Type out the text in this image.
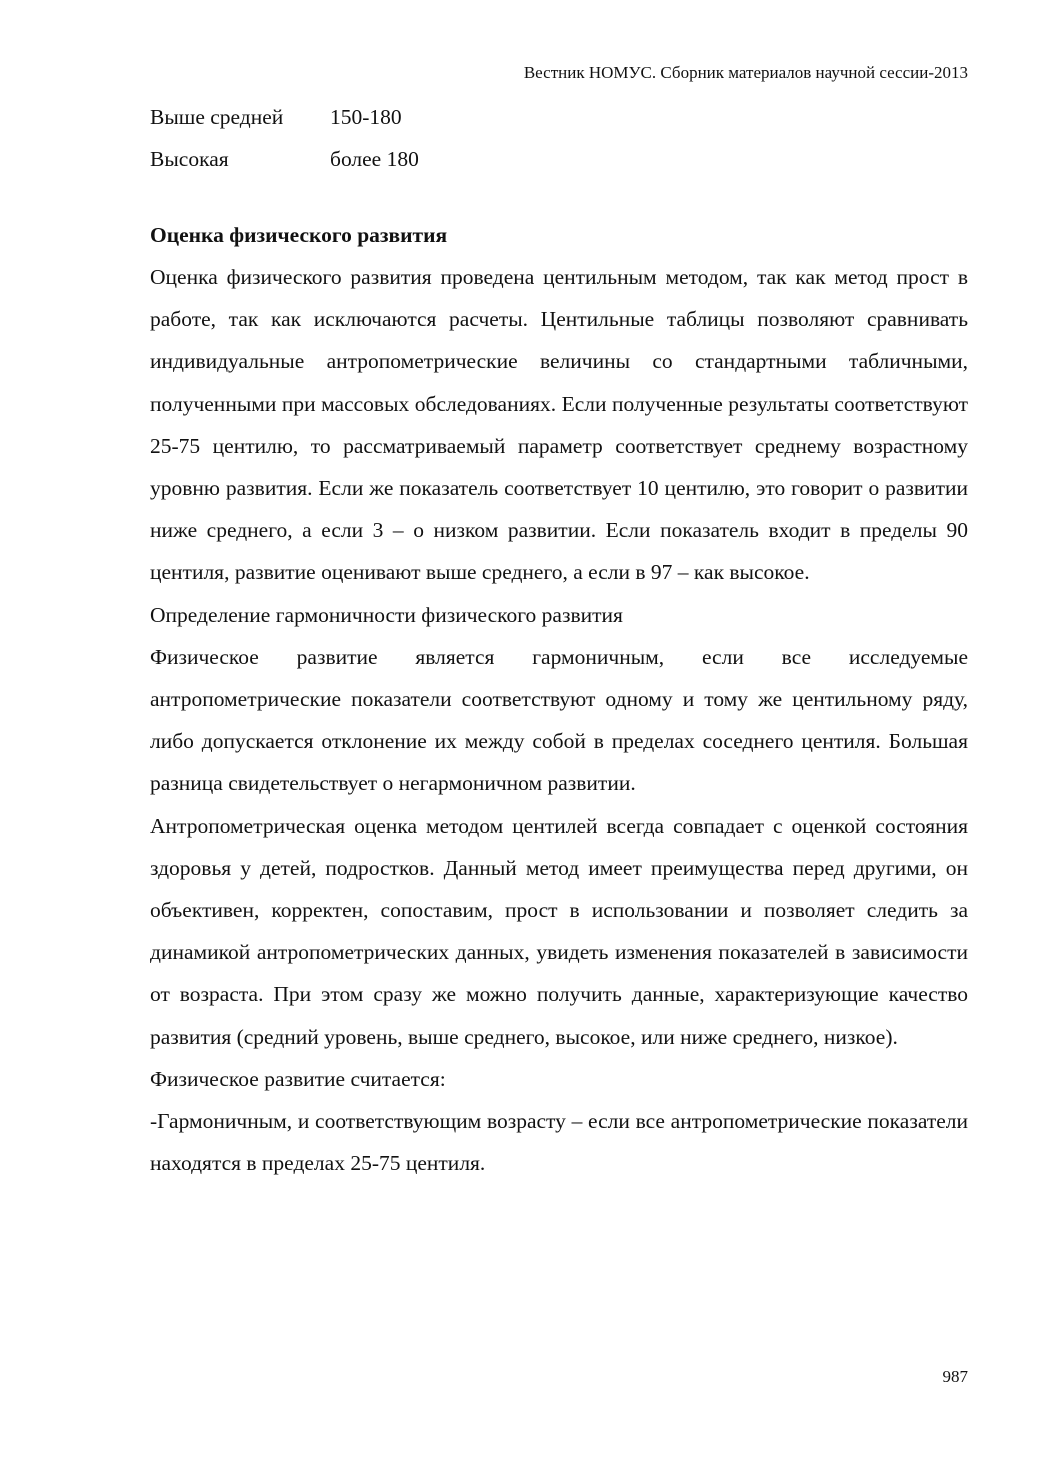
Вестник НОМУС. Сборник материалов научной сессии-2013
Выше средней	150-180
Высокая	более 180
Оценка физического развития

Оценка физического развития проведена центильным методом, так как метод прост в работе, так как исключаются расчеты. Центильные таблицы позволяют сравнивать индивидуальные антропометрические величины со стандартными табличными, полученными при массовых обследованиях. Если полученные результаты соответствуют 25-75 центилю, то рассматриваемый параметр соответствует среднему возрастному уровню развития. Если же показатель соответствует 10 центилю, это говорит о развитии ниже среднего, а если 3 – о низком развитии. Если показатель входит в пределы 90 центиля, развитие оценивают выше среднего, а если в 97 – как высокое.

Определение гармоничности физического развития

Физическое развитие является гармоничным, если все исследуемые антропометрические показатели соответствуют одному и тому же центильному ряду, либо допускается отклонение их между собой в пределах соседнего центиля. Большая разница свидетельствует о негармоничном развитии.

Антропометрическая оценка методом центилей всегда совпадает с оценкой состояния здоровья у детей, подростков. Данный метод имеет преимущества перед другими, он объективен, корректен, сопоставим, прост в использовании и позволяет следить за динамикой антропометрических данных, увидеть изменения показателей в зависимости от возраста. При этом сразу же можно получить данные, характеризующие качество развития (средний уровень, выше среднего, высокое, или ниже среднего, низкое).

Физическое развитие считается:

-Гармоничным, и соответствующим возрасту – если все антропометрические показатели находятся в пределах 25-75 центиля.

987
